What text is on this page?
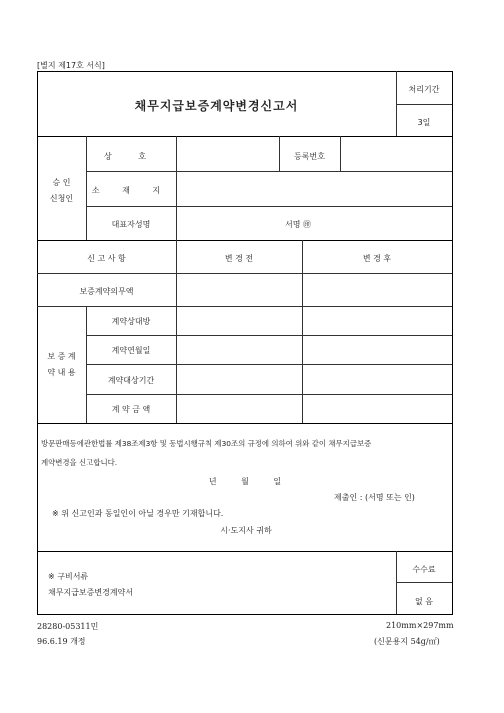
[별지 제17호 서식]
채무지급보증계약변경신고서
처리기간
3일
승 인
신청인
상 호	등록번호
소 재 지
대표자성명	서명 ㊞
신 고 사 항	변 경 전	변 경 후
보증계약의무액
보 증 계
약 내 용
계약상대방
계약연월일
계약대상기간
계 약 금 액
방문판매등에관한법률 제38조제3항 및 동법시행규칙 제30조의 규정에 의하여 위와 같이 채무지급보증
계약변경을 신고합니다.
년 월 일
제출인 : (서명 또는 인)
※ 위 신고인과 동일인이 아닐 경우만 기재합니다.
시·도지사 귀하
※ 구비서류
채무지급보증변경계약서
수수료
없 음
28280-05311민
96.6.19 개정
210mm×297mm
(신문용지 54g/㎡)
